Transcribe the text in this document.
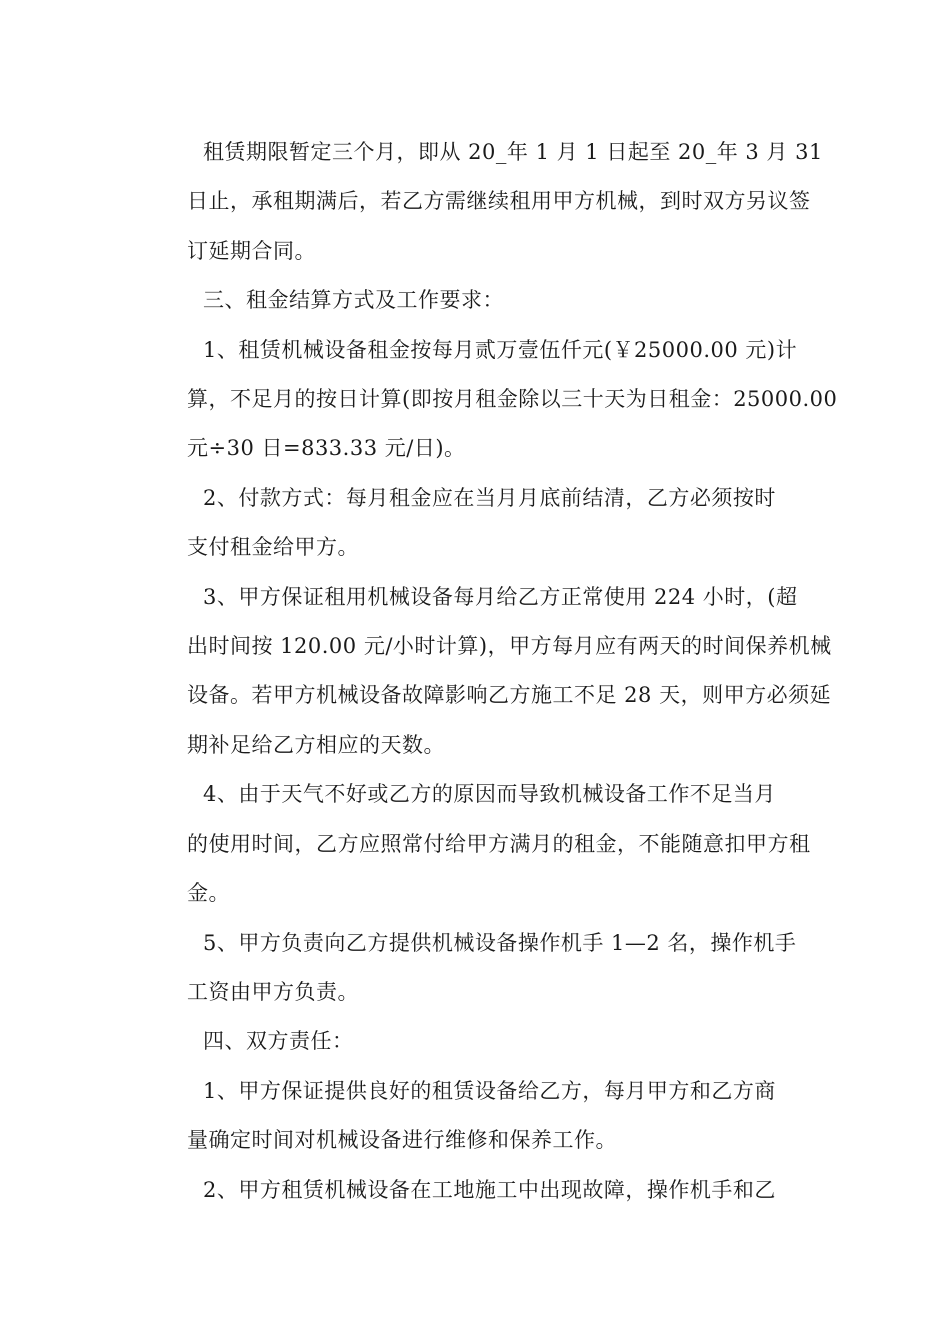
租赁期限暂定三个月，即从 20_年 1 月 1 日起至 20_年 3 月 31
日止，承租期满后，若乙方需继续租用甲方机械，到时双方另议签
订延期合同。

三、租金结算方式及工作要求：

1、租赁机械设备租金按每月贰万壹伍仟元(￥25000.00 元)计
算，不足月的按日计算(即按月租金除以三十天为日租金：25000.00
元÷30 日=833.33 元/日)。

2、付款方式：每月租金应在当月月底前结清，乙方必须按时
支付租金给甲方。

3、甲方保证租用机械设备每月给乙方正常使用 224 小时，(超
出时间按 120.00 元/小时计算)，甲方每月应有两天的时间保养机械
设备。若甲方机械设备故障影响乙方施工不足 28 天，则甲方必须延
期补足给乙方相应的天数。

4、由于天气不好或乙方的原因而导致机械设备工作不足当月
的使用时间，乙方应照常付给甲方满月的租金，不能随意扣甲方租
金。

5、甲方负责向乙方提供机械设备操作机手 1—2 名，操作机手
工资由甲方负责。

四、双方责任：

1、甲方保证提供良好的租赁设备给乙方，每月甲方和乙方商
量确定时间对机械设备进行维修和保养工作。

2、甲方租赁机械设备在工地施工中出现故障，操作机手和乙
